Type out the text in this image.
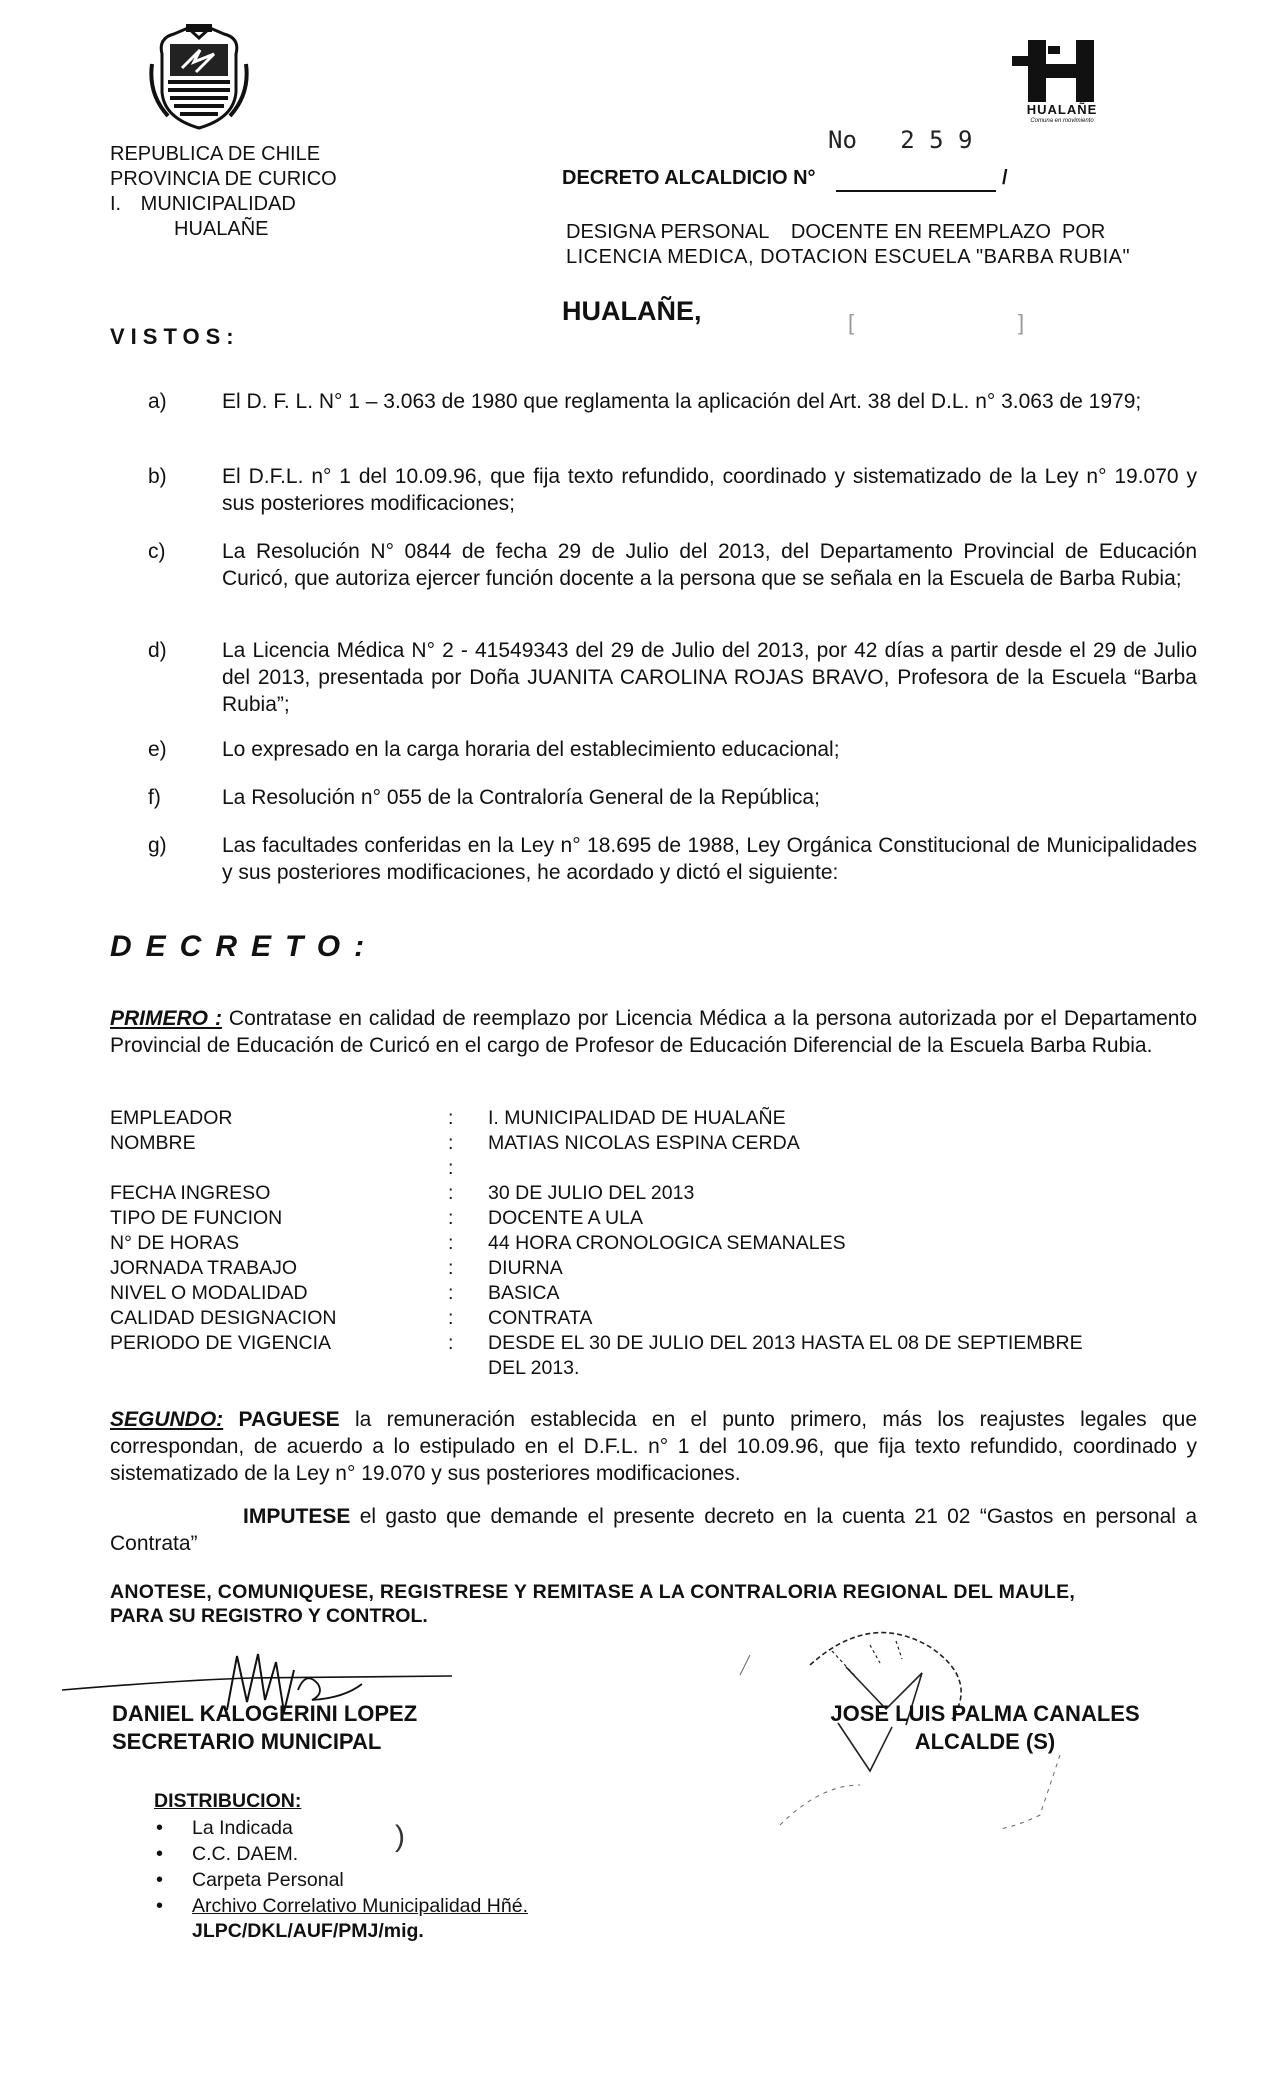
HUALAÑE
Comuna en movimiento
REPUBLICA DE CHILE
PROVINCIA DE CURICO
I. MUNICIPALIDAD
HUALAÑE
No   2 5 9
DECRETO ALCALDICIO N°	/
DESIGNA PERSONAL    DOCENTE EN REEMPLAZO  POR
LICENCIA MEDICA, DOTACION ESCUELA "BARBA RUBIA"
HUALAÑE,	[	]
VISTOS:
a)	El D. F. L. N° 1 – 3.063 de 1980 que reglamenta la aplicación del Art. 38 del D.L. n° 3.063 de 1979;
b)	El D.F.L. n° 1 del 10.09.96, que fija texto refundido, coordinado y sistematizado de la Ley n° 19.070 y sus posteriores modificaciones;
c)	La Resolución N° 0844 de fecha 29 de Julio del 2013, del Departamento Provincial de Educación Curicó, que autoriza ejercer función docente a la persona que se señala en la Escuela de Barba Rubia;
d)	La Licencia Médica N° 2 - 41549343 del 29 de Julio del 2013, por 42 días a partir desde el 29 de Julio del 2013, presentada por Doña JUANITA CAROLINA ROJAS BRAVO, Profesora de la Escuela “Barba Rubia”;
e)	Lo expresado en la carga horaria del establecimiento educacional;
f)	La Resolución n° 055 de la Contraloría General de la República;
g)	Las facultades conferidas en la Ley n° 18.695 de 1988, Ley Orgánica Constitucional de Municipalidades y sus posteriores modificaciones, he acordado y dictó el siguiente:
DECRETO:
PRIMERO : Contratase en calidad de reemplazo por Licencia Médica a la persona autorizada por el Departamento Provincial de Educación de Curicó en el cargo de Profesor de Educación Diferencial de la Escuela Barba Rubia.
EMPLEADOR	: I. MUNICIPALIDAD DE HUALAÑE
NOMBRE	: MATIAS NICOLAS ESPINA CERDA
:
FECHA INGRESO	: 30 DE JULIO DEL 2013
TIPO DE FUNCION	: DOCENTE A ULA
N° DE HORAS	: 44 HORA CRONOLOGICA SEMANALES
JORNADA TRABAJO	: DIURNA
NIVEL O MODALIDAD	: BASICA
CALIDAD DESIGNACION	: CONTRATA
PERIODO DE VIGENCIA	: DESDE EL 30 DE JULIO DEL 2013 HASTA EL 08 DE SEPTIEMBRE
DEL 2013.
SEGUNDO: PAGUESE la remuneración establecida en el punto primero, más los reajustes legales que correspondan, de acuerdo a lo estipulado en el D.F.L. n° 1 del 10.09.96, que fija texto refundido, coordinado y sistematizado de la Ley n° 19.070 y sus posteriores modificaciones.
IMPUTESE el gasto que demande el presente decreto en la cuenta 21 02 “Gastos en personal a Contrata”
ANOTESE, COMUNIQUESE, REGISTRESE Y REMITASE A LA CONTRALORIA REGIONAL DEL MAULE,
PARA SU REGISTRO Y CONTROL.
DANIEL KALOGERINI LOPEZ
SECRETARIO MUNICIPAL
JOSE LUIS PALMA CANALES
ALCALDE (S)
DISTRIBUCION:
• La Indicada
• C.C. DAEM.
• Carpeta Personal
• Archivo Correlativo Municipalidad Hñé.
JLPC/DKL/AUF/PMJ/mig.
)
